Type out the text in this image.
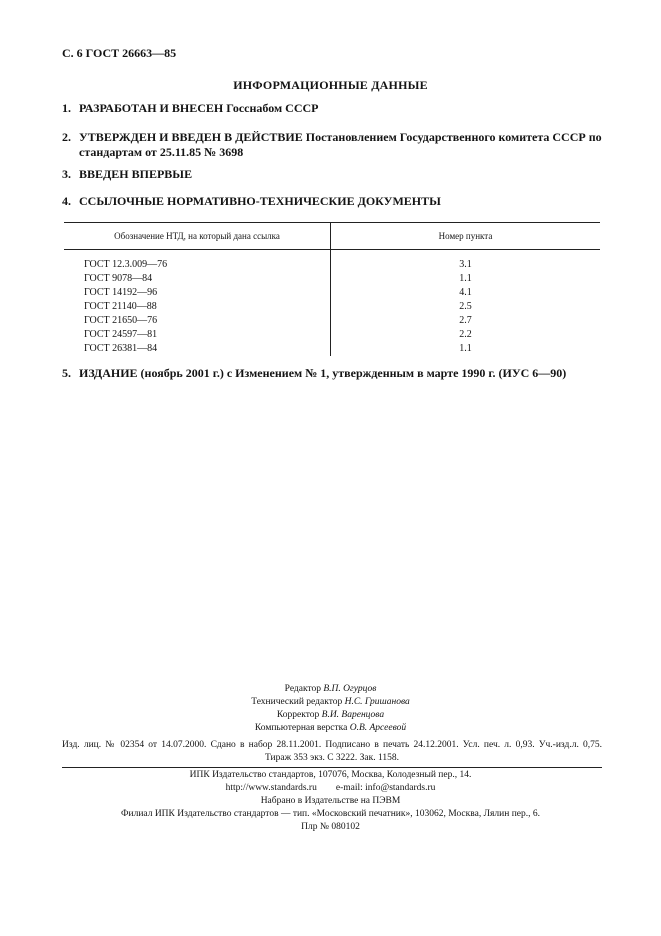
С. 6 ГОСТ 26663—85
ИНФОРМАЦИОННЫЕ ДАННЫЕ
1. РАЗРАБОТАН И ВНЕСЕН Госснабом СССР
2. УТВЕРЖДЕН И ВВЕДЕН В ДЕЙСТВИЕ Постановлением Государственного комитета СССР по
стандартам от 25.11.85 № 3698
3. ВВЕДЕН ВПЕРВЫЕ
4. ССЫЛОЧНЫЕ НОРМАТИВНО-ТЕХНИЧЕСКИЕ ДОКУМЕНТЫ
Обозначение НТД, на который дана ссылка	Номер пункта
ГОСТ 12.3.009—76	3.1
ГОСТ 9078—84	1.1
ГОСТ 14192—96	4.1
ГОСТ 21140—88	2.5
ГОСТ 21650—76	2.7
ГОСТ 24597—81	2.2
ГОСТ 26381—84	1.1
5. ИЗДАНИЕ (ноябрь 2001 г.) с Изменением № 1, утвержденным в марте 1990 г. (ИУС 6—90)
Редактор В.П. Огурцов
Технический редактор Н.С. Гришанова
Корректор В.И. Варенцова
Компьютерная верстка О.В. Арсеевой
Изд. лиц. № 02354 от 14.07.2000. Сдано в набор 28.11.2001. Подписано в печать 24.12.2001. Усл. печ. л. 0,93. Уч.-изд.л. 0,75.
Тираж 353 экз. С 3222. Зак. 1158.
ИПК Издательство стандартов, 107076, Москва, Колодезный пер., 14.
http://www.standards.ru e-mail: info@standards.ru
Набрано в Издательстве на ПЭВМ
Филиал ИПК Издательство стандартов — тип. «Московский печатник», 103062, Москва, Лялин пер., 6.
Плр № 080102
